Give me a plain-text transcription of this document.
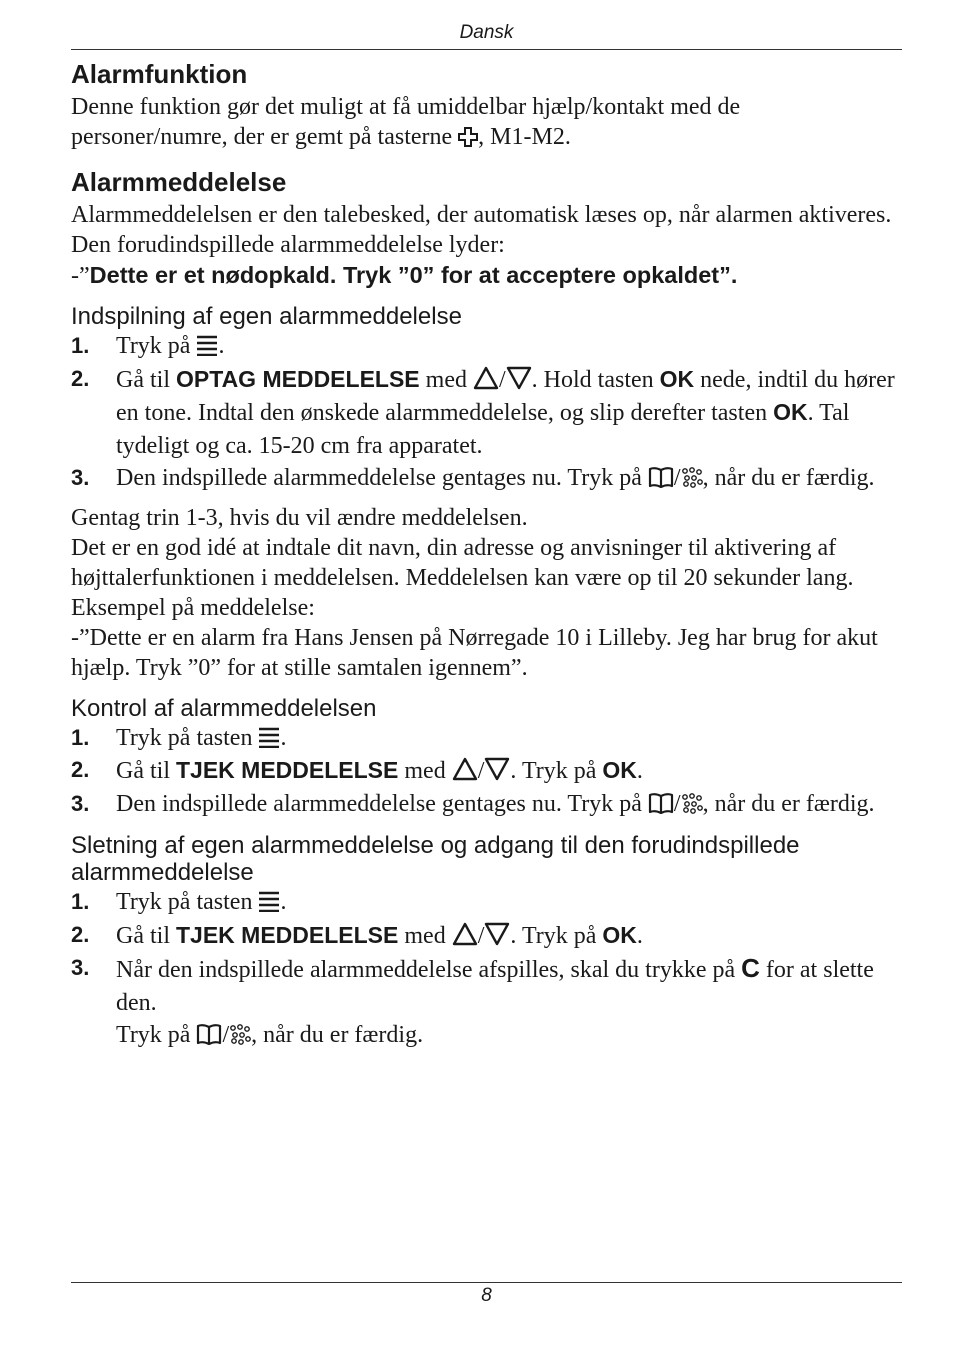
Dansk
Alarmfunktion

Denne funktion gør det muligt at få umiddelbar hjælp/kontakt med de personer/numre, der er gemt på tasterne , M1-M2.

Alarmmeddelelse

Alarmmeddelelsen er den talebesked, der automatisk læses op, når alarmen aktiveres. Den forudindspillede alarmmeddelelse lyder:

-”Dette er et nødopkald. Tryk ”0” for at acceptere opkaldet”.

Indspilning af egen alarmmeddelelse
1.	Tryk på .
2.	Gå til OPTAG MEDDELELSE med / . Hold tasten OK nede, indtil du hører en tone. Indtal den ønskede alarmmeddelelse, og slip derefter tasten OK. Tal tydeligt og ca. 15-20 cm fra apparatet.
3.	Den indspillede alarmmeddelelse gentages nu. Tryk på / , når du er færdig.

Gentag trin 1-3, hvis du vil ændre meddelelsen.

Det er en god idé at indtale dit navn, din adresse og anvisninger til aktivering af højttalerfunktionen i meddelelsen. Meddelelsen kan være op til 20 sekunder lang.

Eksempel på meddelelse:

-”Dette er en alarm fra Hans Jensen på Nørregade 10 i Lilleby. Jeg har brug for akut hjælp. Tryk ”0” for at stille samtalen igennem”.

Kontrol af alarmmeddelelsen
1.	Tryk på tasten .
2.	Gå til TJEK MEDDELELSE med / . Tryk på OK.
3.	Den indspillede alarmmeddelelse gentages nu. Tryk på / , når du er færdig.
Sletning af egen alarmmeddelelse og adgang til den forudindspillede alarmmeddelelse
1.	Tryk på tasten .
2.	Gå til TJEK MEDDELELSE med / . Tryk på OK.
3.	Når den indspillede alarmmeddelelse afspilles, skal du trykke på C for at slette den.
Tryk på / , når du er færdig.
8
